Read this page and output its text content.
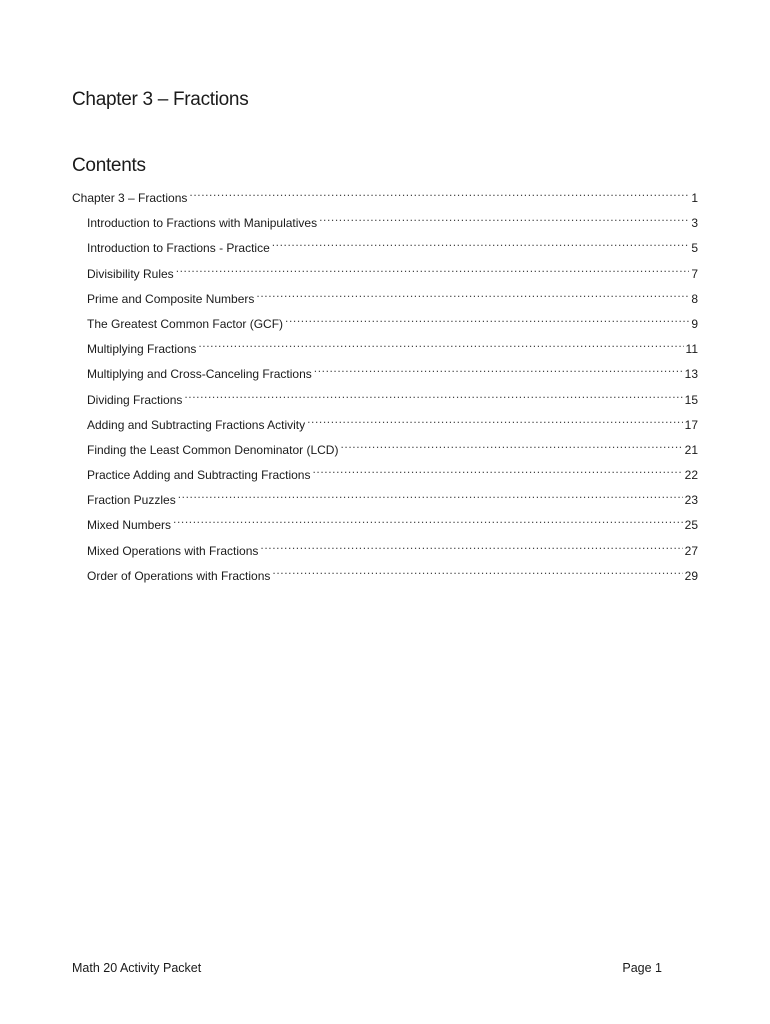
Chapter 3 – Fractions
Contents
Chapter 3 – Fractions .....	1
Introduction to Fractions with Manipulatives .....	3
Introduction to Fractions - Practice .....	5
Divisibility Rules .....	7
Prime and Composite Numbers .....	8
The Greatest Common Factor (GCF) .....	9
Multiplying Fractions .....	11
Multiplying and Cross-Canceling Fractions .....	13
Dividing Fractions .....	15
Adding and Subtracting Fractions Activity .....	17
Finding the Least Common Denominator (LCD) .....	21
Practice Adding and Subtracting Fractions .....	22
Fraction Puzzles .....	23
Mixed Numbers .....	25
Mixed Operations with Fractions .....	27
Order of Operations with Fractions .....	29
Math 20 Activity Packet	Page 1
